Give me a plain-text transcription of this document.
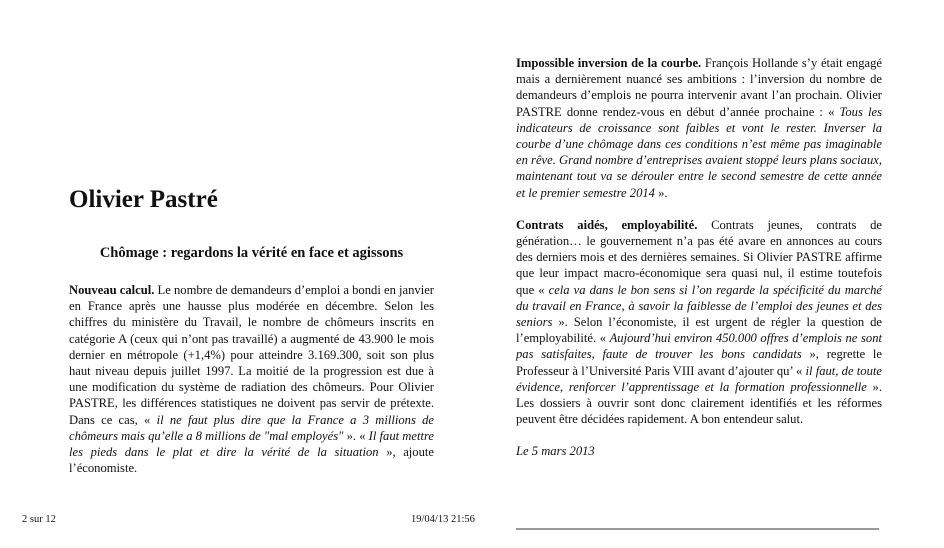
Olivier Pastré
Chômage : regardons la vérité en face et agissons

Nouveau calcul. Le nombre de demandeurs d’emploi a bondi en janvier en France après une hausse plus modérée en décembre. Selon les chiffres du ministère du Travail, le nombre de chômeurs inscrits en catégorie A (ceux qui n’ont pas travaillé) a augmenté de 43.900 le mois dernier en métropole (+1,4%) pour atteindre 3.169.300, soit son plus haut niveau depuis juillet 1997. La moitié de la progression est due à une modification du système de radiation des chômeurs. Pour Olivier PASTRE, les différences statistiques ne doivent pas servir de prétexte. Dans ce cas, « il ne faut plus dire que la France a 3 millions de chômeurs mais qu’elle a 8 millions de "mal employés" ». « Il faut mettre les pieds dans le plat et dire la vérité de la situation », ajoute l’économiste.

Impossible inversion de la courbe. François Hollande s’y était engagé mais a dernièrement nuancé ses ambitions : l’inversion du nombre de demandeurs d’emplois ne pourra intervenir avant l’an prochain. Olivier PASTRE donne rendez-vous en début d’année prochaine : « Tous les indicateurs de croissance sont faibles et vont le rester. Inverser la courbe d’une chômage dans ces conditions n’est même pas imaginable en rêve. Grand nombre d’entreprises avaient stoppé leurs plans sociaux, maintenant tout va se dérouler entre le second semestre de cette année et le premier semestre 2014 ».

Contrats aidés, employabilité. Contrats jeunes, contrats de génération… le gouvernement n’a pas été avare en annonces au cours des derniers mois et des dernières semaines. Si Olivier PASTRE affirme que leur impact macro-économique sera quasi nul, il estime toutefois que « cela va dans le bon sens si l’on regarde la spécificité du marché du travail en France, à savoir la faiblesse de l’emploi des jeunes et des seniors ». Selon l’économiste, il est urgent de régler la question de l’employabilité. « Aujourd’hui environ 450.000 offres d’emplois ne sont pas satisfaites, faute de trouver les bons candidats », regrette le Professeur à l’Université Paris VIII avant d’ajouter qu’ « il faut, de toute évidence, renforcer l’apprentissage et la formation professionnelle ». Les dossiers à ouvrir sont donc clairement identifiés et les réformes peuvent être décidées rapidement. A bon entendeur salut.

Le 5 mars 2013
2 sur 12	19/04/13 21:56
